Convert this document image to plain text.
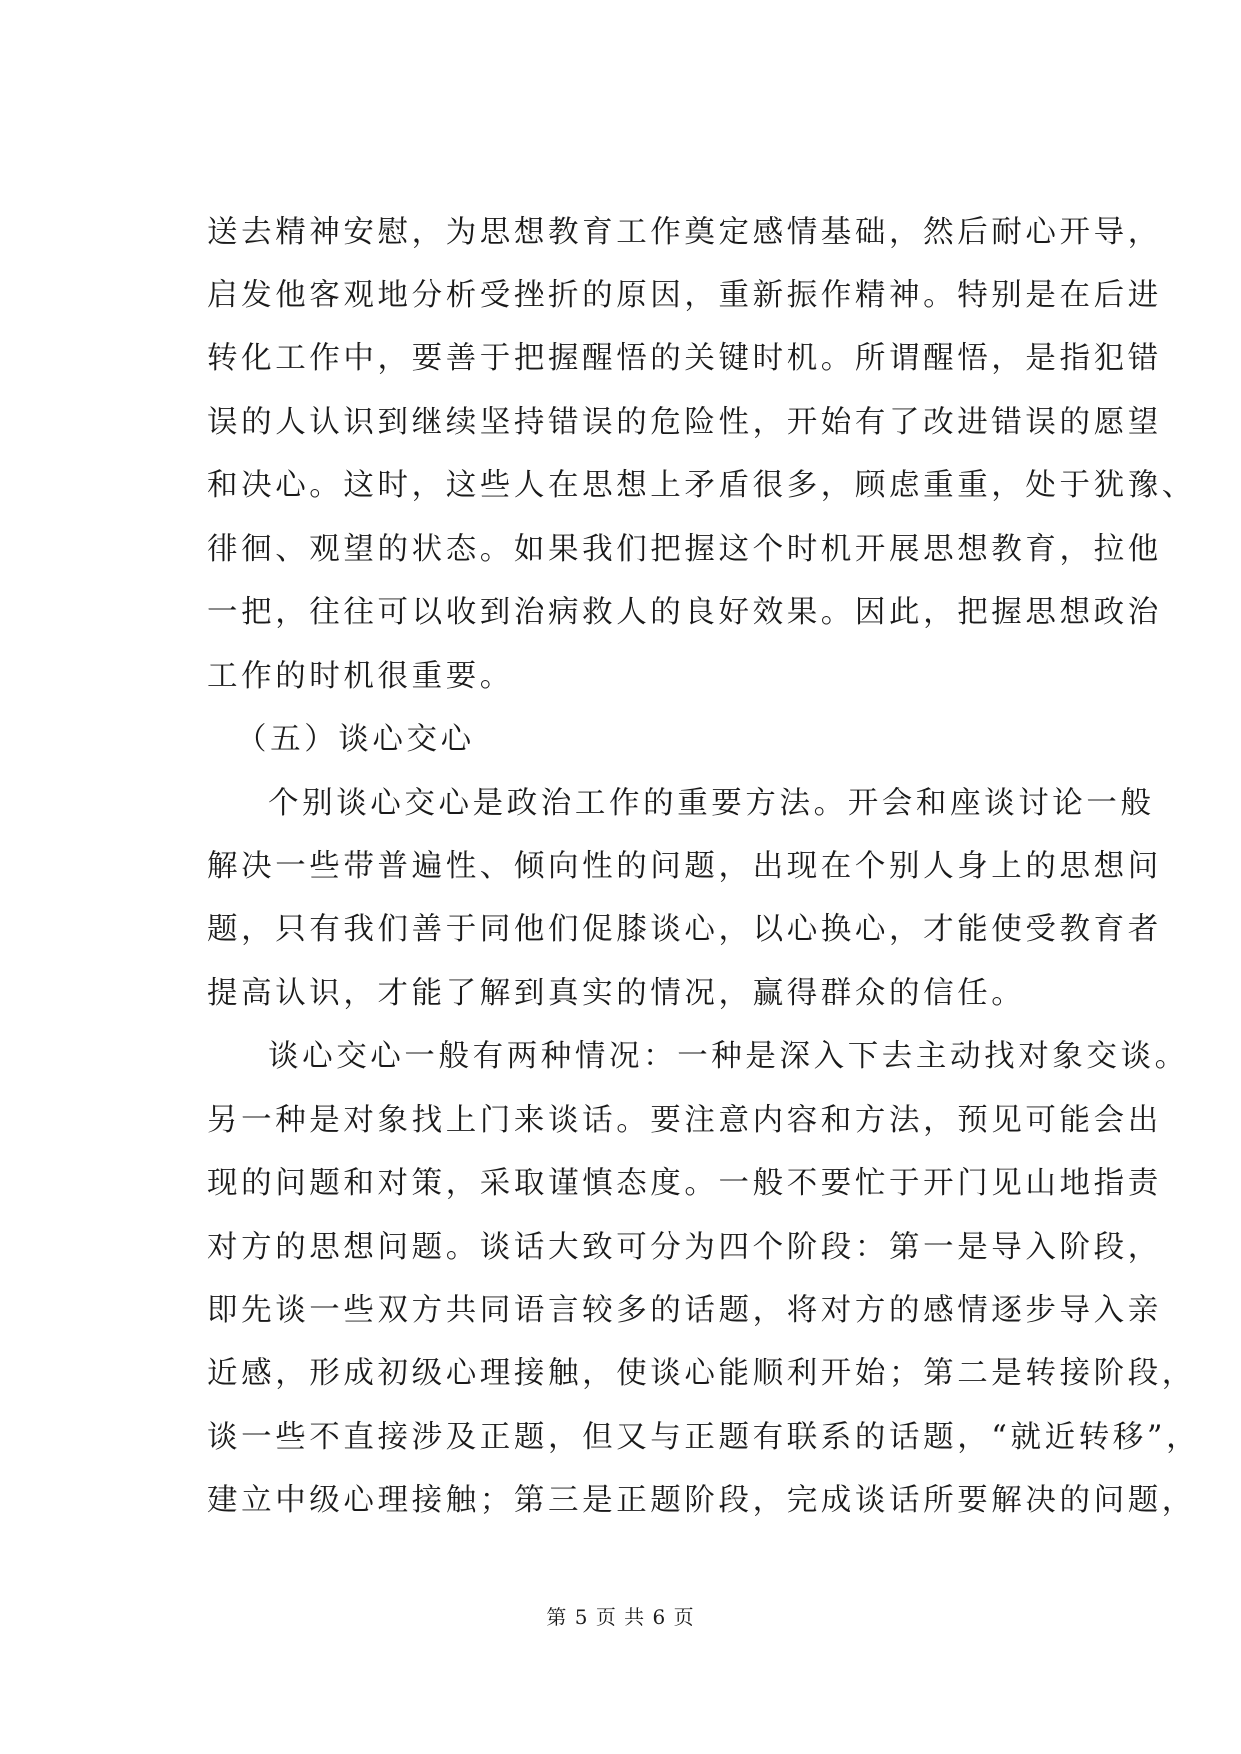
送去精神安慰，为思想教育工作奠定感情基础，然后耐心开导，
启发他客观地分析受挫折的原因，重新振作精神。特别是在后进
转化工作中，要善于把握醒悟的关键时机。所谓醒悟，是指犯错
误的人认识到继续坚持错误的危险性，开始有了改进错误的愿望
和决心。这时，这些人在思想上矛盾很多，顾虑重重，处于犹豫、
徘徊、观望的状态。如果我们把握这个时机开展思想教育，拉他
一把，往往可以收到治病救人的良好效果。因此，把握思想政治
工作的时机很重要。
（五）谈心交心
个别谈心交心是政治工作的重要方法。开会和座谈讨论一般
解决一些带普遍性、倾向性的问题，出现在个别人身上的思想问
题，只有我们善于同他们促膝谈心，以心换心，才能使受教育者
提高认识，才能了解到真实的情况，赢得群众的信任。
谈心交心一般有两种情况：一种是深入下去主动找对象交谈。
另一种是对象找上门来谈话。要注意内容和方法，预见可能会出
现的问题和对策，采取谨慎态度。一般不要忙于开门见山地指责
对方的思想问题。谈话大致可分为四个阶段：第一是导入阶段，
即先谈一些双方共同语言较多的话题，将对方的感情逐步导入亲
近感，形成初级心理接触，使谈心能顺利开始；第二是转接阶段，
谈一些不直接涉及正题，但又与正题有联系的话题，“就近转移”，
建立中级心理接触；第三是正题阶段，完成谈话所要解决的问题，
第 5 页 共 6 页
